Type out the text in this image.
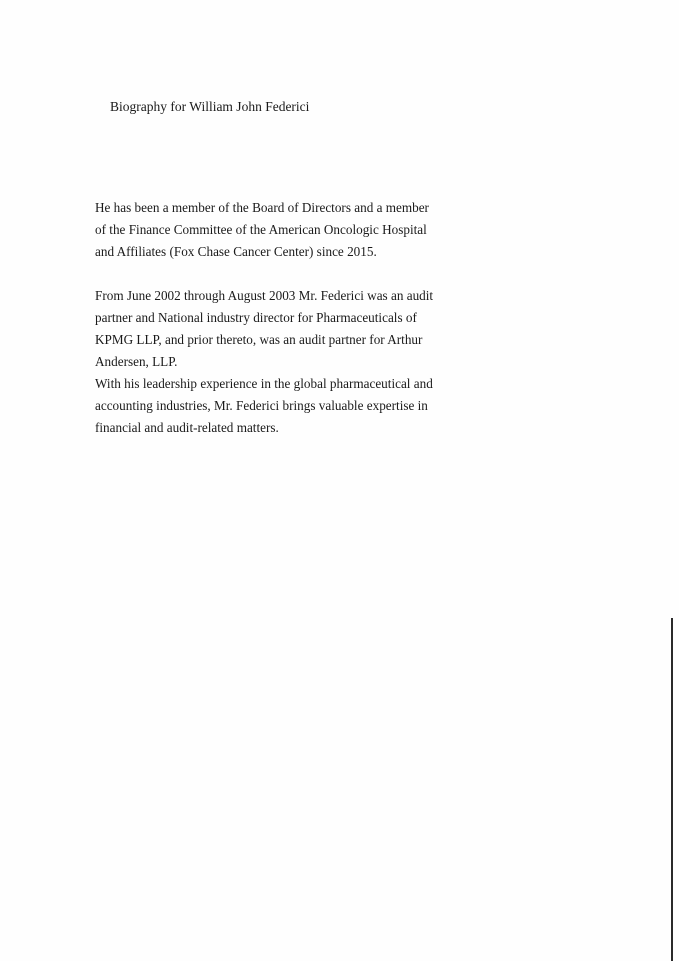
Biography for William John Federici
He has been a member of the Board of Directors and a member
of the Finance Committee of the American Oncologic Hospital
and Affiliates (Fox Chase Cancer Center) since 2015.
From June 2002 through August 2003 Mr. Federici was an audit
partner and National industry director for Pharmaceuticals of
KPMG LLP, and prior thereto, was an audit partner for Arthur
Andersen, LLP.
With his leadership experience in the global pharmaceutical and
accounting industries, Mr. Federici brings valuable expertise in
financial and audit-related matters.
